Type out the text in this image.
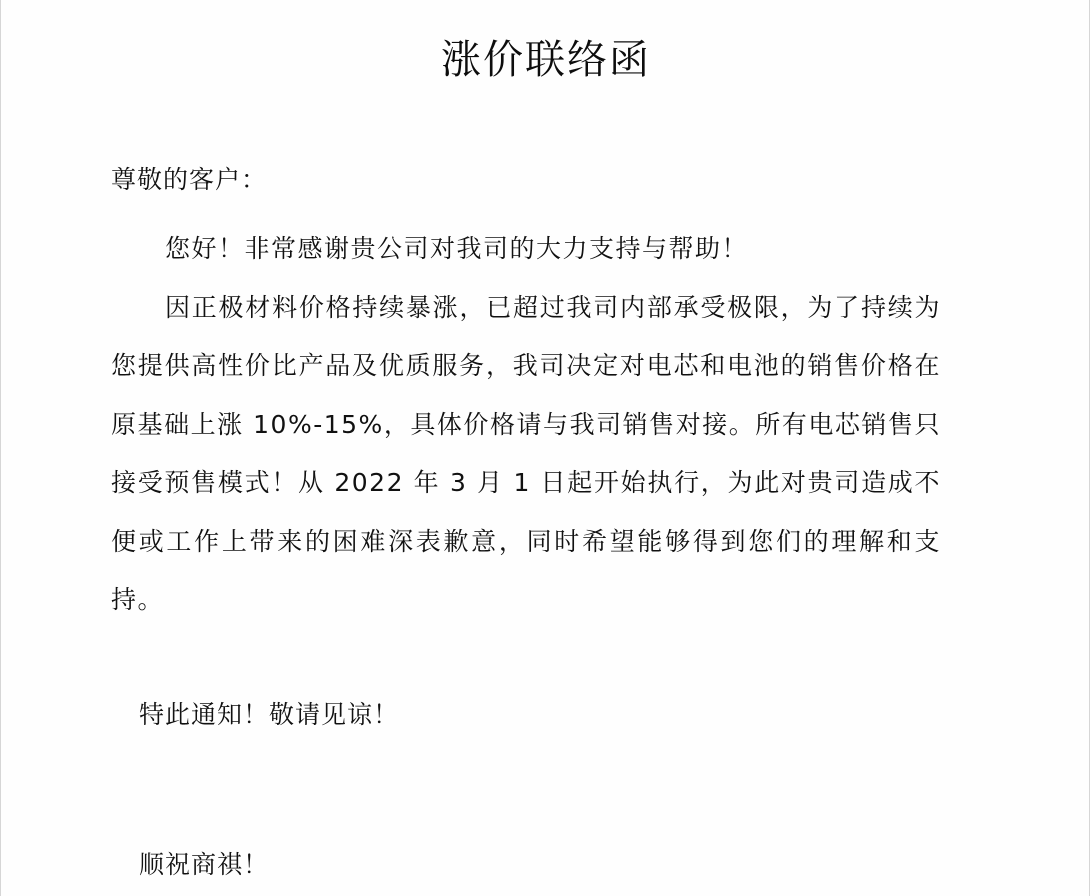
涨价联络函
尊敬的客户：

您好！非常感谢贵公司对我司的大力支持与帮助！

因正极材料价格持续暴涨，已超过我司内部承受极限，为了持续为您提供高性价比产品及优质服务，我司决定对电芯和电池的销售价格在原基础上涨 10%-15%，具体价格请与我司销售对接。所有电芯销售只接受预售模式！从 2022 年 3 月 1 日起开始执行，为此对贵司造成不便或工作上带来的困难深表歉意，同时希望能够得到您们的理解和支持。

特此通知！敬请见谅！
顺祝商祺！
